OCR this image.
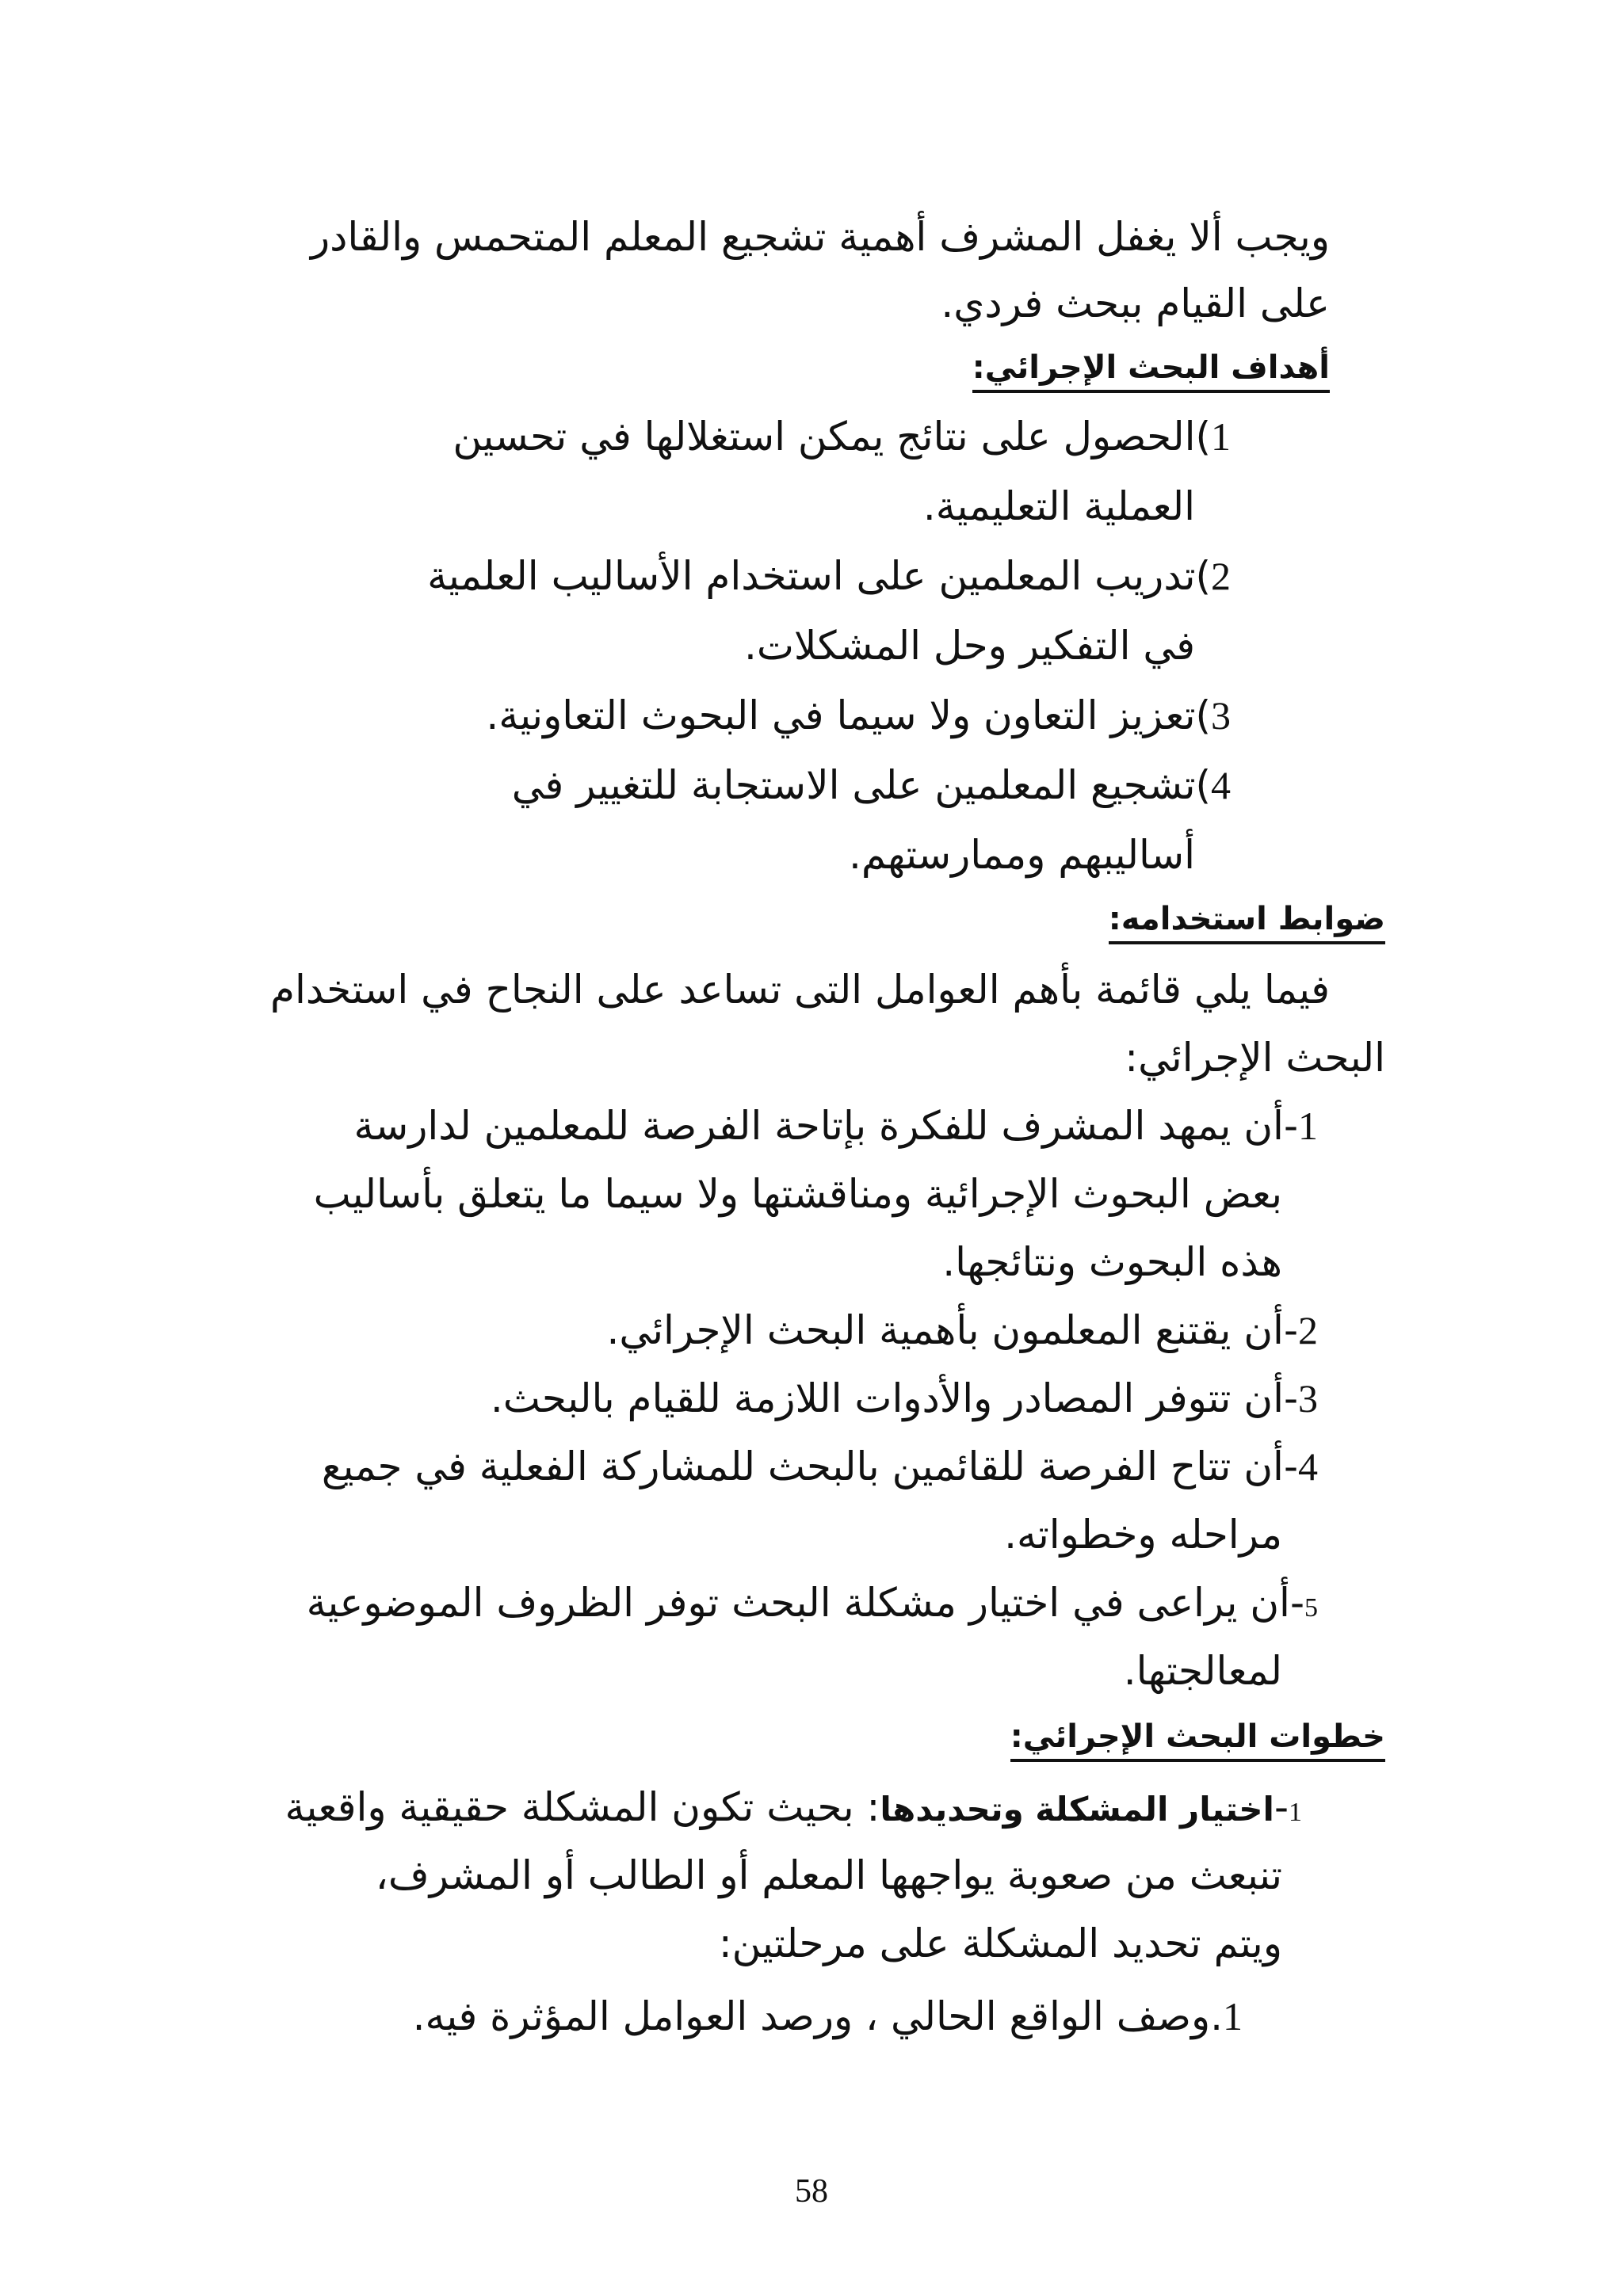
ويجب ألا يغفل المشرف أهمية تشجيع المعلم المتحمس والقادر
على القيام ببحث فردي.
أهداف البحث الإجرائي:
1)الحصول على نتائج يمكن استغلالها في تحسين
العملية التعليمية.
2)تدريب المعلمين على استخدام الأساليب العلمية
في التفكير وحل المشكلات.
3)تعزيز التعاون ولا سيما في البحوث التعاونية.
4)تشجيع المعلمين على الاستجابة للتغيير في
أساليبهم وممارستهم.
ضوابط استخدامه:
فيما يلي قائمة بأهم العوامل التى تساعد على النجاح في استخدام
البحث الإجرائي:
1-أن يمهد المشرف للفكرة بإتاحة الفرصة للمعلمين لدارسة
بعض البحوث الإجرائية ومناقشتها ولا سيما ما يتعلق بأساليب
هذه البحوث ونتائجها.
2-أن يقتنع المعلمون بأهمية البحث الإجرائي.
3-أن تتوفر المصادر والأدوات اللازمة للقيام بالبحث.
4-أن تتاح الفرصة للقائمين بالبحث للمشاركة الفعلية في جميع
مراحله وخطواته.
5-أن يراعى في اختيار مشكلة البحث توفر الظروف الموضوعية
لمعالجتها.
خطوات البحث الإجرائي:
1-اختيار المشكلة وتحديدها: بحيث تكون المشكلة حقيقية واقعية
تنبعث من صعوبة يواجهها المعلم أو الطالب أو المشرف،
ويتم تحديد المشكلة على مرحلتين:
1.وصف الواقع الحالي ، ورصد العوامل المؤثرة فيه.
58
